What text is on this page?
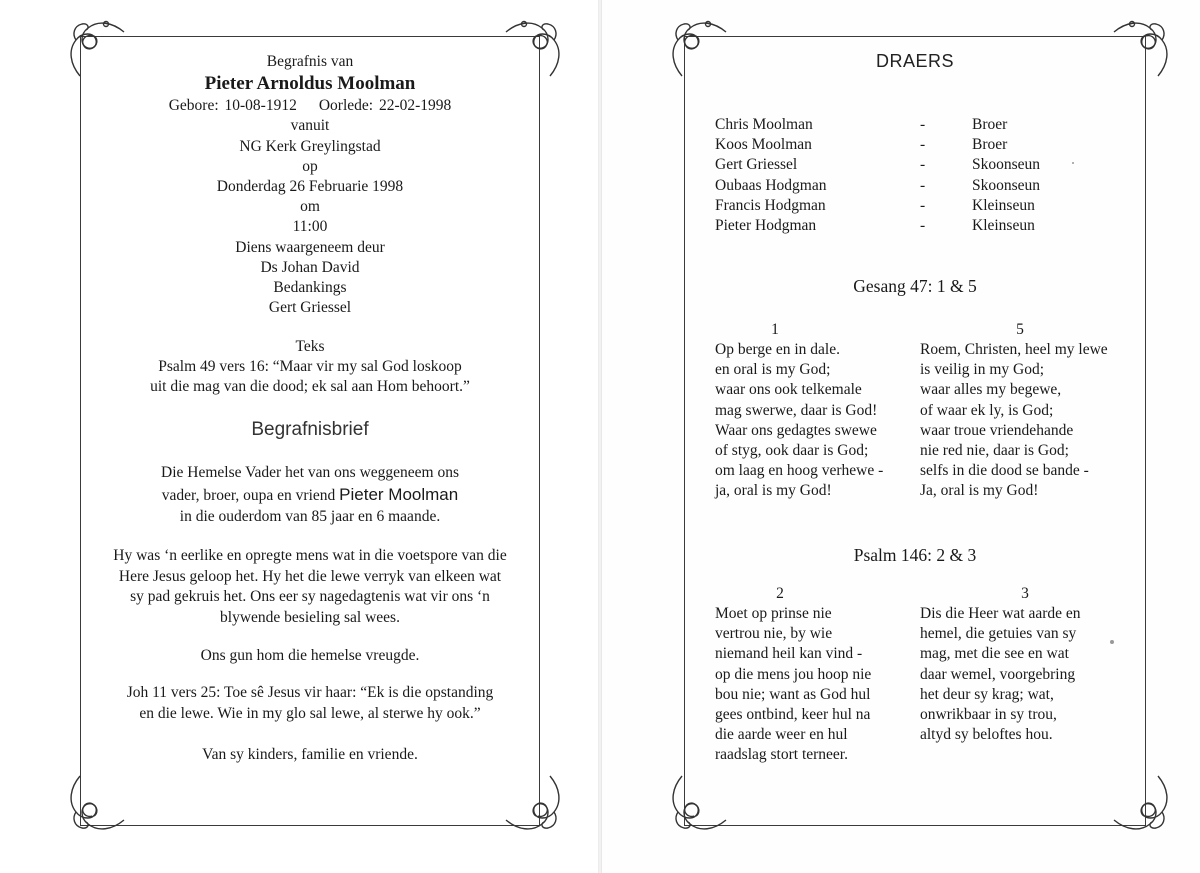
Begrafnis van
Pieter Arnoldus Moolman
Gebore: 10-08-1912 Oorlede: 22-02-1998
vanuit
NG Kerk Greylingstad
op
Donderdag 26 Februarie 1998
om
11:00
Diens waargeneem deur
Ds Johan David
Bedankings
Gert Griessel
Teks
Psalm 49 vers 16: “Maar vir my sal God loskoop
uit die mag van die dood; ek sal aan Hom behoort.”
Begrafnisbrief
Die Hemelse Vader het van ons weggeneem ons
vader, broer, oupa en vriend Pieter Moolman
in die ouderdom van 85 jaar en 6 maande.
Hy was ‘n eerlike en opregte mens wat in die voetspore van die
Here Jesus geloop het. Hy het die lewe verryk van elkeen wat
sy pad gekruis het. Ons eer sy nagedagtenis wat vir ons ‘n
blywende besieling sal wees.
Ons gun hom die hemelse vreugde.
Joh 11 vers 25: Toe sê Jesus vir haar: “Ek is die opstanding
en die lewe. Wie in my glo sal lewe, al sterwe hy ook.”
Van sy kinders, familie en vriende.
DRAERS
Chris Moolman	-	Broer
Koos Moolman	-	Broer
Gert Griessel	-	Skoonseun
Oubaas Hodgman	-	Skoonseun
Francis Hodgman	-	Kleinseun
Pieter Hodgman	-	Kleinseun
Gesang 47: 1 & 5
1
Op berge en in dale.
en oral is my God;
waar ons ook telkemale
mag swerwe, daar is God!
Waar ons gedagtes swewe
of styg, ook daar is God;
om laag en hoog verhewe -
ja, oral is my God!
5
Roem, Christen, heel my lewe
is veilig in my God;
waar alles my begewe,
of waar ek ly, is God;
waar troue vriendehande
nie red nie, daar is God;
selfs in die dood se bande -
Ja, oral is my God!
Psalm 146: 2 & 3
2
Moet op prinse nie
vertrou nie, by wie
niemand heil kan vind -
op die mens jou hoop nie
bou nie; want as God hul
gees ontbind, keer hul na
die aarde weer en hul
raadslag stort terneer.
3
Dis die Heer wat aarde en
hemel, die getuies van sy
mag, met die see en wat
daar wemel, voorgebring
het deur sy krag; wat,
onwrikbaar in sy trou,
altyd sy beloftes hou.
